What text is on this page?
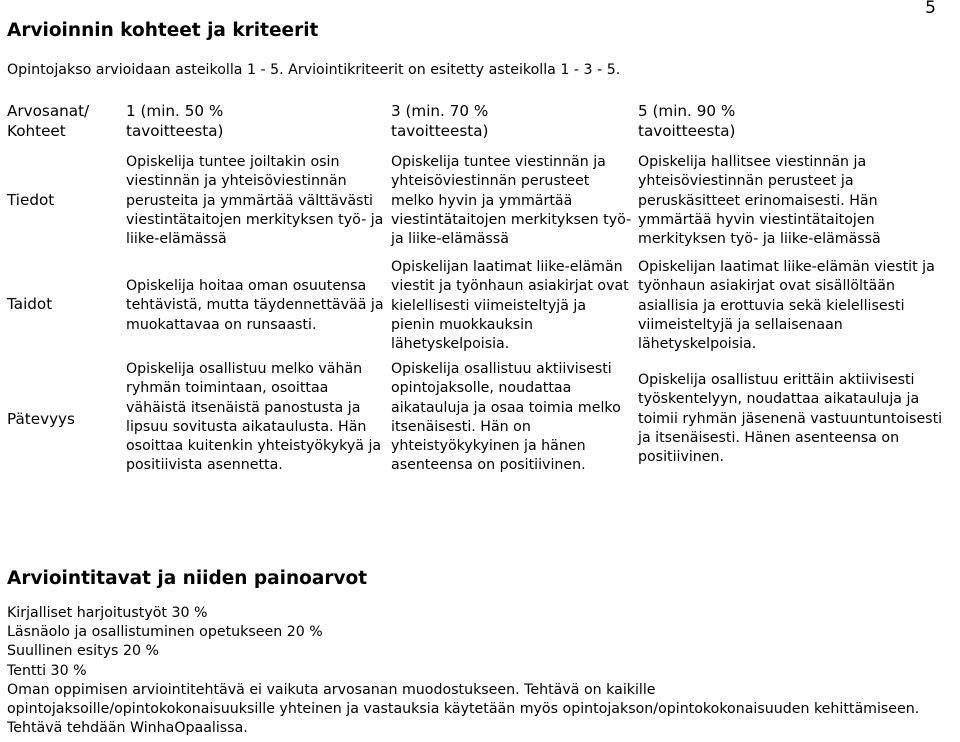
5
Arvioinnin kohteet ja kriteerit
Opintojakso arvioidaan asteikolla 1 - 5. Arviointikriteerit on esitetty asteikolla 1 - 3 - 5.
Arvosanat/
Kohteet
1 (min. 50 %
tavoitteesta)
3 (min. 70 %
tavoitteesta)
5 (min. 90 %
tavoitteesta)
Tiedot
Opiskelija tuntee joiltakin osin
viestinnän ja yhteisöviestinnän
perusteita ja ymmärtää välttävästi
viestintätaitojen merkityksen työ- ja
liike-elämässä
Opiskelija tuntee viestinnän ja
yhteisöviestinnän perusteet
melko hyvin ja ymmärtää
viestintätaitojen merkityksen työ-
ja liike-elämässä
Opiskelija hallitsee viestinnän ja
yhteisöviestinnän perusteet ja
peruskäsitteet erinomaisesti. Hän
ymmärtää hyvin viestintätaitojen
merkityksen työ- ja liike-elämässä
Taidot
Opiskelija hoitaa oman osuutensa
tehtävistä, mutta täydennettävää ja
muokattavaa on runsaasti.
Opiskelijan laatimat liike-elämän
viestit ja työnhaun asiakirjat ovat
kielellisesti viimeisteltyjä ja
pienin muokkauksin
lähetyskelpoisia.
Opiskelijan laatimat liike-elämän viestit ja
työnhaun asiakirjat ovat sisällöltään
asiallisia ja erottuvia sekä kielellisesti
viimeisteltyjä ja sellaisenaan
lähetyskelpoisia.
Pätevyys
Opiskelija osallistuu melko vähän
ryhmän toimintaan, osoittaa
vähäistä itsenäistä panostusta ja
lipsuu sovitusta aikataulusta. Hän
osoittaa kuitenkin yhteistyökykyä ja
positiivista asennetta.
Opiskelija osallistuu aktiivisesti
opintojaksolle, noudattaa
aikatauluja ja osaa toimia melko
itsenäisesti. Hän on
yhteistyökykyinen ja hänen
asenteensa on positiivinen.
Opiskelija osallistuu erittäin aktiivisesti
työskentelyyn, noudattaa aikatauluja ja
toimii ryhmän jäsenenä vastuuntuntoisesti
ja itsenäisesti. Hänen asenteensa on
positiivinen.
Arviointitavat ja niiden painoarvot
Kirjalliset harjoitustyöt 30 %
Läsnäolo ja osallistuminen opetukseen 20 %
Suullinen esitys 20 %
Tentti 30 %
Oman oppimisen arviointitehtävä ei vaikuta arvosanan muodostukseen. Tehtävä on kaikille
opintojaksoille/opintokokonaisuuksille yhteinen ja vastauksia käytetään myös opintojakson/opintokokonaisuuden kehittämiseen.
Tehtävä tehdään WinhaOpaalissa.
